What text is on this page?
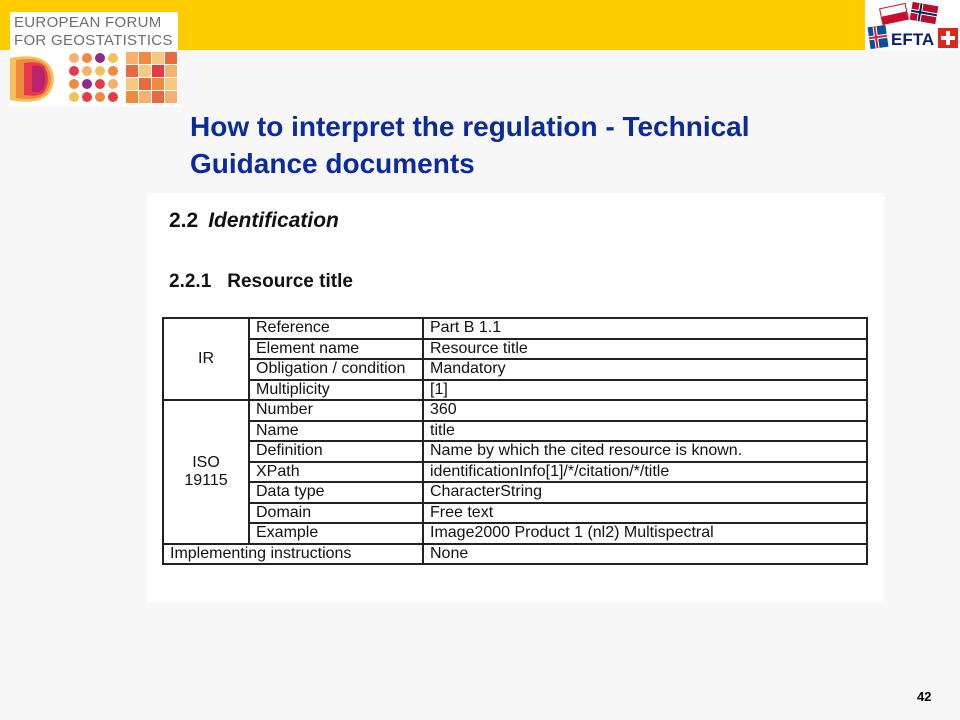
EUROPEAN FORUM
FOR GEOSTATISTICS	EFTA
How to interpret the regulation - Technical Guidance documents
2.2 Identification
2.2.1 Resource title
IR	Reference	Part B 1.1
	Element name	Resource title
	Obligation / condition	Mandatory
	Multiplicity	[1]

ISO
19115	Number	360
	Name	title
	Definition	Name by which the cited resource is known.
	XPath	identificationInfo[1]/*/citation/*/title
	Data type	CharacterString
	Domain	Free text
	Example	Image2000 Product 1 (nl2) Multispectral
Implementing instructions		None
42
